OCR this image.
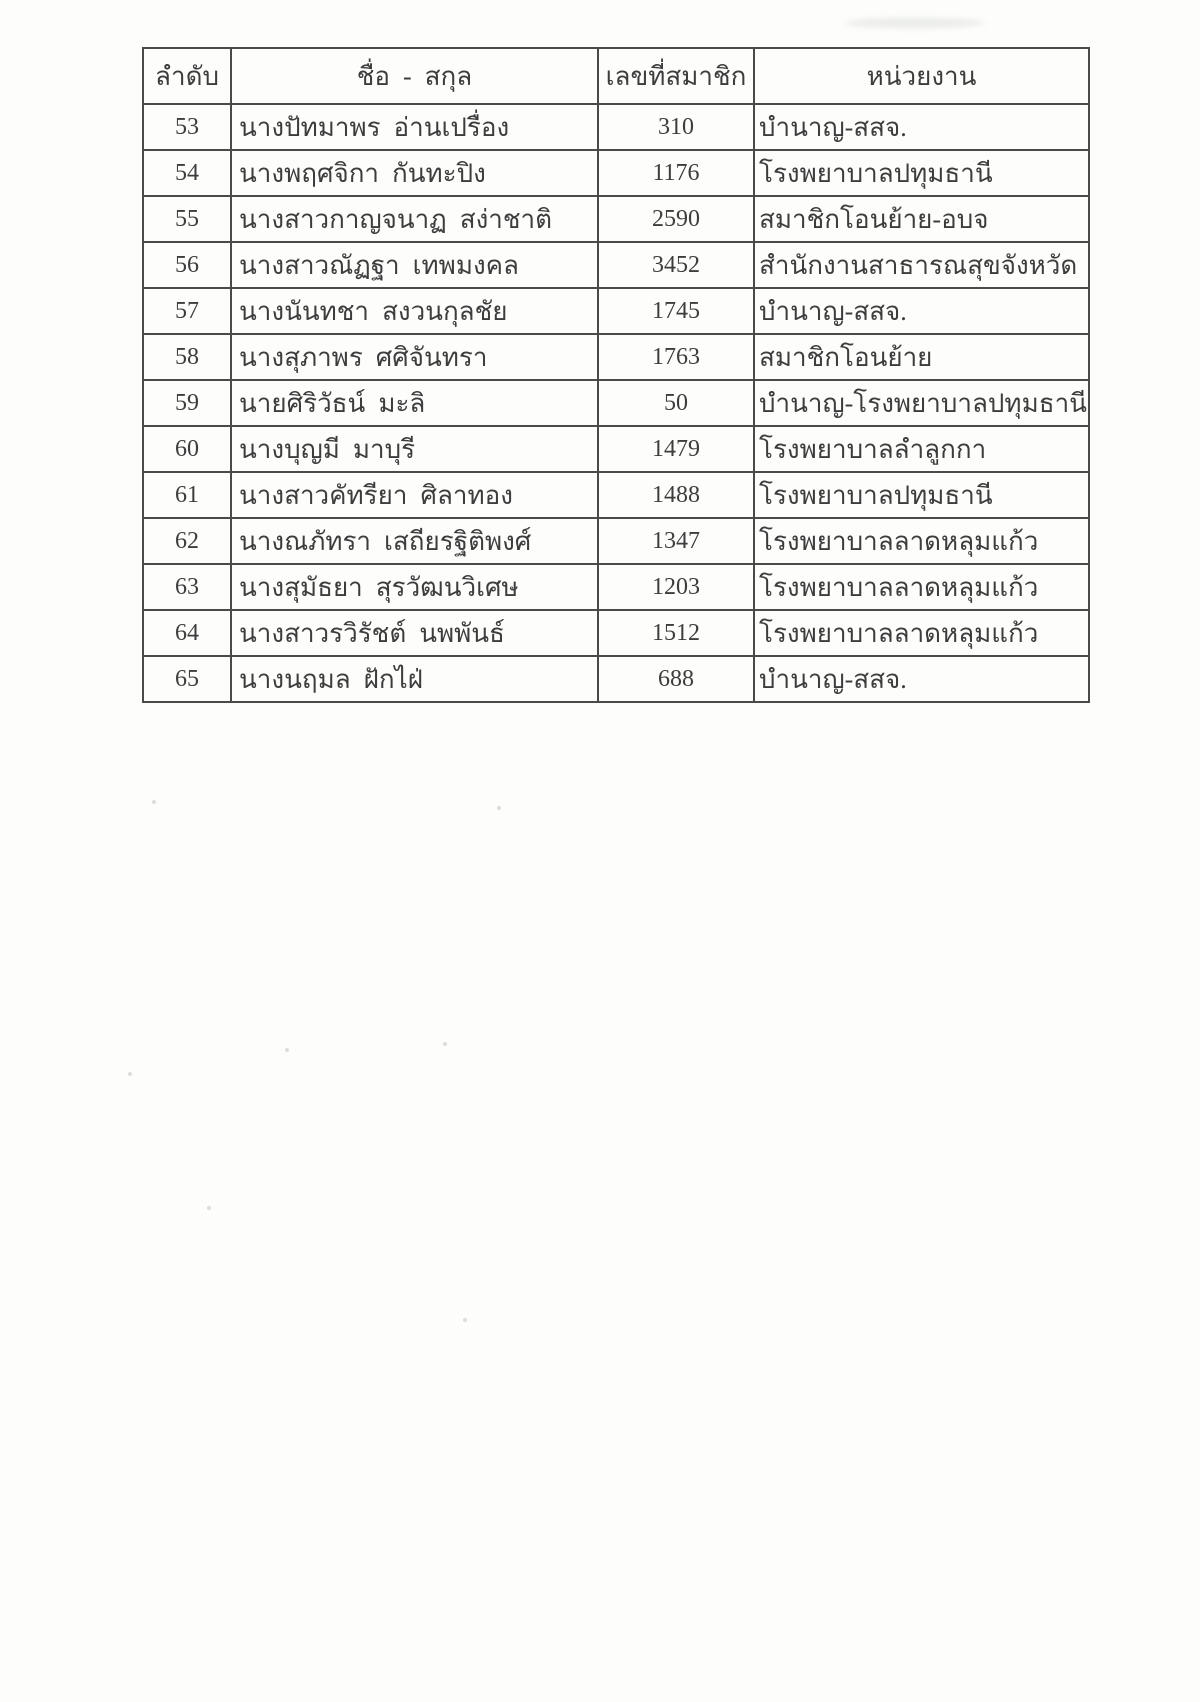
ลำดับ	ชื่อ  -  สกุล	เลขที่สมาชิก	หน่วยงาน
53	นางปัทมาพร  อ่านเปรื่อง	310	บำนาญ-สสจ.
54	นางพฤศจิกา  กันทะปิง	1176	โรงพยาบาลปทุมธานี
55	นางสาวกาญจนาฏ  สง่าชาติ	2590	สมาชิกโอนย้าย-อบจ
56	นางสาวณัฏฐา  เทพมงคล	3452	สำนักงานสาธารณสุขจังหวัด
57	นางนันทชา  สงวนกุลชัย	1745	บำนาญ-สสจ.
58	นางสุภาพร  ศศิจันทรา	1763	สมาชิกโอนย้าย
59	นายศิริวัธน์  มะลิ	50	บำนาญ-โรงพยาบาลปทุมธานี
60	นางบุญมี  มาบุรี	1479	โรงพยาบาลลำลูกกา
61	นางสาวคัทรียา  ศิลาทอง	1488	โรงพยาบาลปทุมธานี
62	นางณภัทรา  เสถียรฐิติพงศ์	1347	โรงพยาบาลลาดหลุมแก้ว
63	นางสุมัธยา  สุรวัฒนวิเศษ	1203	โรงพยาบาลลาดหลุมแก้ว
64	นางสาวรวิรัชต์  นพพันธ์	1512	โรงพยาบาลลาดหลุมแก้ว
65	นางนฤมล  ฝักไฝ่	688	บำนาญ-สสจ.
